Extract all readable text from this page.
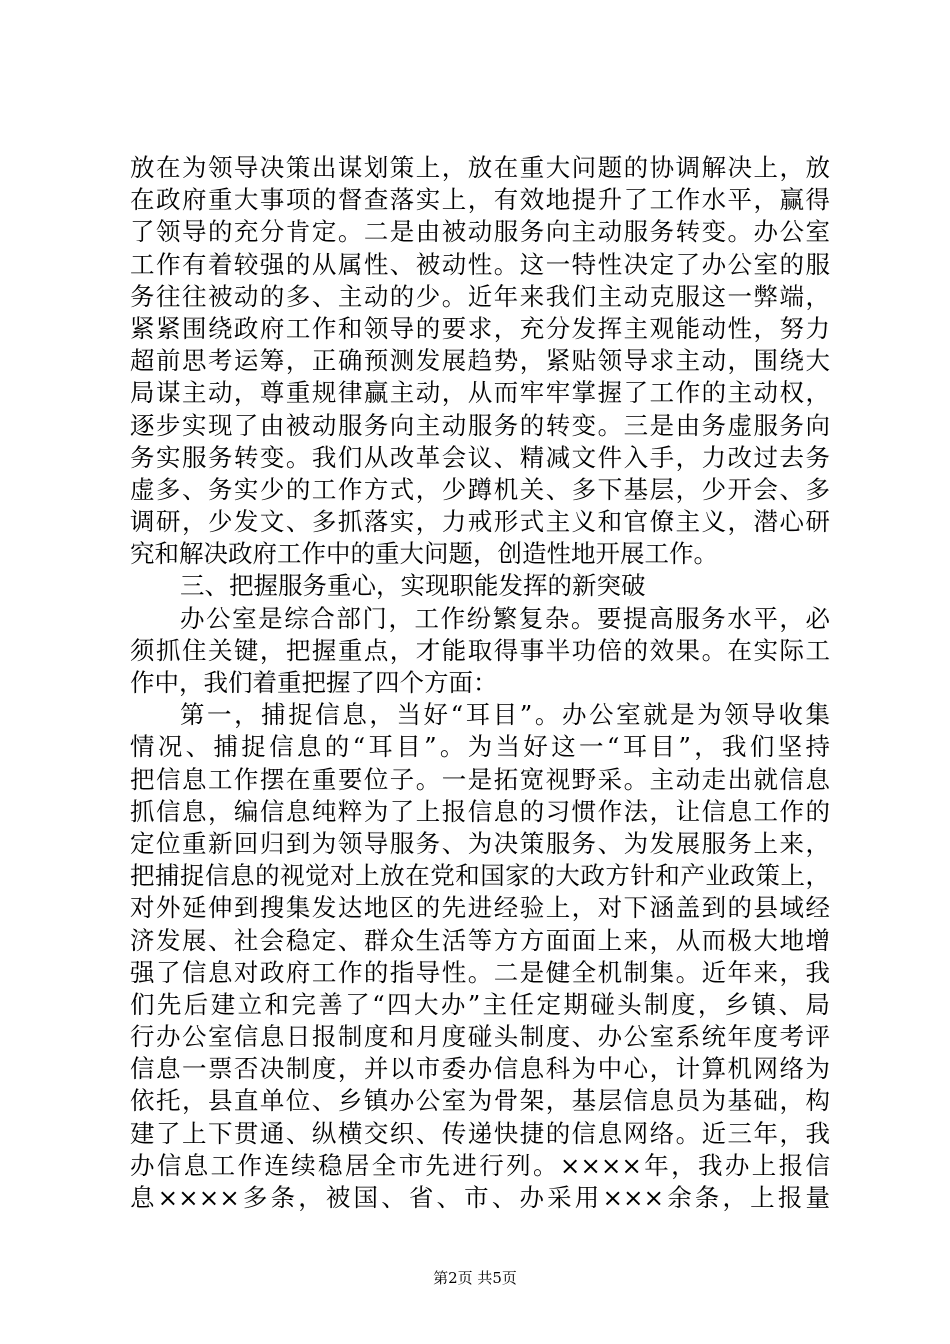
放在为领导决策出谋划策上，放在重大问题的协调解决上，放
在政府重大事项的督查落实上，有效地提升了工作水平，赢得
了领导的充分肯定。二是由被动服务向主动服务转变。办公室
工作有着较强的从属性、被动性。这一特性决定了办公室的服
务往往被动的多、主动的少。近年来我们主动克服这一弊端，
紧紧围绕政府工作和领导的要求，充分发挥主观能动性，努力
超前思考运筹，正确预测发展趋势，紧贴领导求主动，围绕大
局谋主动，尊重规律赢主动，从而牢牢掌握了工作的主动权，
逐步实现了由被动服务向主动服务的转变。三是由务虚服务向
务实服务转变。我们从改革会议、精减文件入手，力改过去务
虚多、务实少的工作方式，少蹲机关、多下基层，少开会、多
调研，少发文、多抓落实，力戒形式主义和官僚主义，潜心研
究和解决政府工作中的重大问题，创造性地开展工作。
三、把握服务重心，实现职能发挥的新突破
办公室是综合部门，工作纷繁复杂。要提高服务水平，必
须抓住关键，把握重点，才能取得事半功倍的效果。在实际工
作中，我们着重把握了四个方面：
第一，捕捉信息，当好“耳目”。办公室就是为领导收集
情况、捕捉信息的“耳目”。为当好这一“耳目”，我们坚持
把信息工作摆在重要位子。一是拓宽视野采。主动走出就信息
抓信息，编信息纯粹为了上报信息的习惯作法，让信息工作的
定位重新回归到为领导服务、为决策服务、为发展服务上来，
把捕捉信息的视觉对上放在党和国家的大政方针和产业政策上，
对外延伸到搜集发达地区的先进经验上，对下涵盖到的县域经
济发展、社会稳定、群众生活等方方面面上来，从而极大地增
强了信息对政府工作的指导性。二是健全机制集。近年来，我
们先后建立和完善了“四大办”主任定期碰头制度，乡镇、局
行办公室信息日报制度和月度碰头制度、办公室系统年度考评
信息一票否决制度，并以市委办信息科为中心，计算机网络为
依托，县直单位、乡镇办公室为骨架，基层信息员为基础，构
建了上下贯通、纵横交织、传递快捷的信息网络。近三年，我
办信息工作连续稳居全市先进行列。××××年，我办上报信
息××××多条，被国、省、市、办采用×××余条，上报量
第2页 共5页
